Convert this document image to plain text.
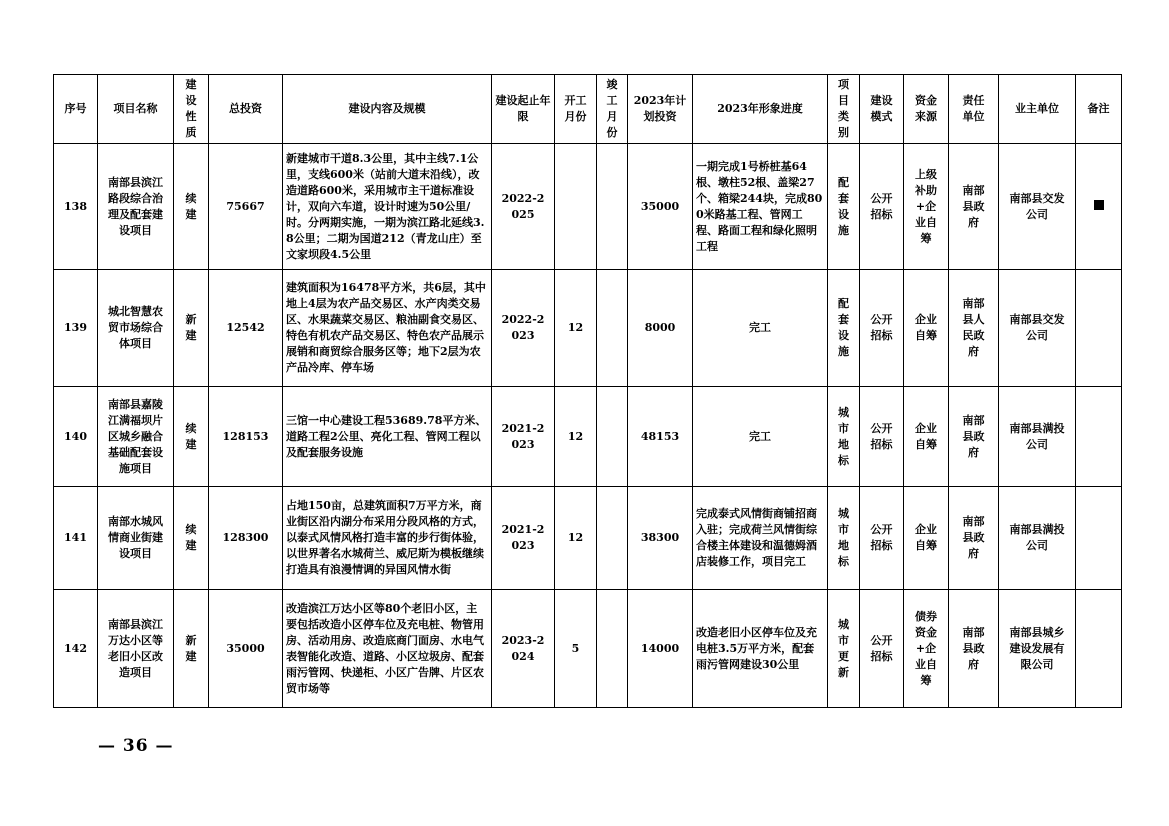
序号	项目名称	建设性质	总投资	建设内容及规模	建设起止年限	开工月份	竣工月份	2023年计划投资	2023年形象进度	项目类别	建设模式	资金来源	责任单位	业主单位	备注
138	南部县滨江路段综合治理及配套建设项目	续建	75667	新建城市干道8.3公里，其中主线7.1公里，支线600米（站前大道末沿线），改造道路600米，采用城市主干道标准设计，双向六车道，设计时速为50公里/时。分两期实施，一期为滨江路北延线3.8公里；二期为国道212（青龙山庄）至文家坝段4.5公里	2022-2025			35000	一期完成1号桥桩基64根、墩柱52根、盖梁27个、箱梁244块，完成800米路基工程、管网工程、路面工程和绿化照明工程	配套设施	公开招标	上级补助+企业自筹	南部县政府	南部县交发公司	
139	城北智慧农贸市场综合体项目	新建	12542	建筑面积为16478平方米，共6层，其中地上4层为农产品交易区、水产肉类交易区、水果蔬菜交易区、粮油副食交易区、特色有机农产品交易区、特色农产品展示展销和商贸综合服务区等；地下2层为农产品冷库、停车场	2022-2023	12		8000	完工	配套设施	公开招标	企业自筹	南部县人民政府	南部县交发公司	
140	南部县嘉陵江满福坝片区城乡融合基础配套设施项目	续建	128153	三馆一中心建设工程53689.78平方米、道路工程2公里、亮化工程、管网工程以及配套服务设施	2021-2023	12		48153	完工	城市地标	公开招标	企业自筹	南部县政府	南部县满投公司	
141	南部水城风情商业街建设项目	续建	128300	占地150亩，总建筑面积7万平方米，商业街区沿内湖分布采用分段风格的方式，以泰式风情风格打造丰富的步行街体验，以世界著名水城荷兰、威尼斯为模板继续打造具有浪漫情调的异国风情水街	2021-2023	12		38300	完成泰式风情街商铺招商入驻；完成荷兰风情街综合楼主体建设和温德姆酒店装修工作，项目完工	城市地标	公开招标	企业自筹	南部县政府	南部县满投公司	
142	南部县滨江万达小区等老旧小区改造项目	新建	35000	改造滨江万达小区等80个老旧小区，主要包括改造小区停车位及充电桩、物管用房、活动用房、改造底商门面房、水电气表智能化改造、道路、小区垃圾房、配套雨污管网、快递柜、小区广告牌、片区农贸市场等	2023-2024	5		14000	改造老旧小区停车位及充电桩3.5万平方米，配套雨污管网建设30公里	城市更新	公开招标	债券资金+企业自筹	南部县政府	南部县城乡建设发展有限公司	
— 36 —
